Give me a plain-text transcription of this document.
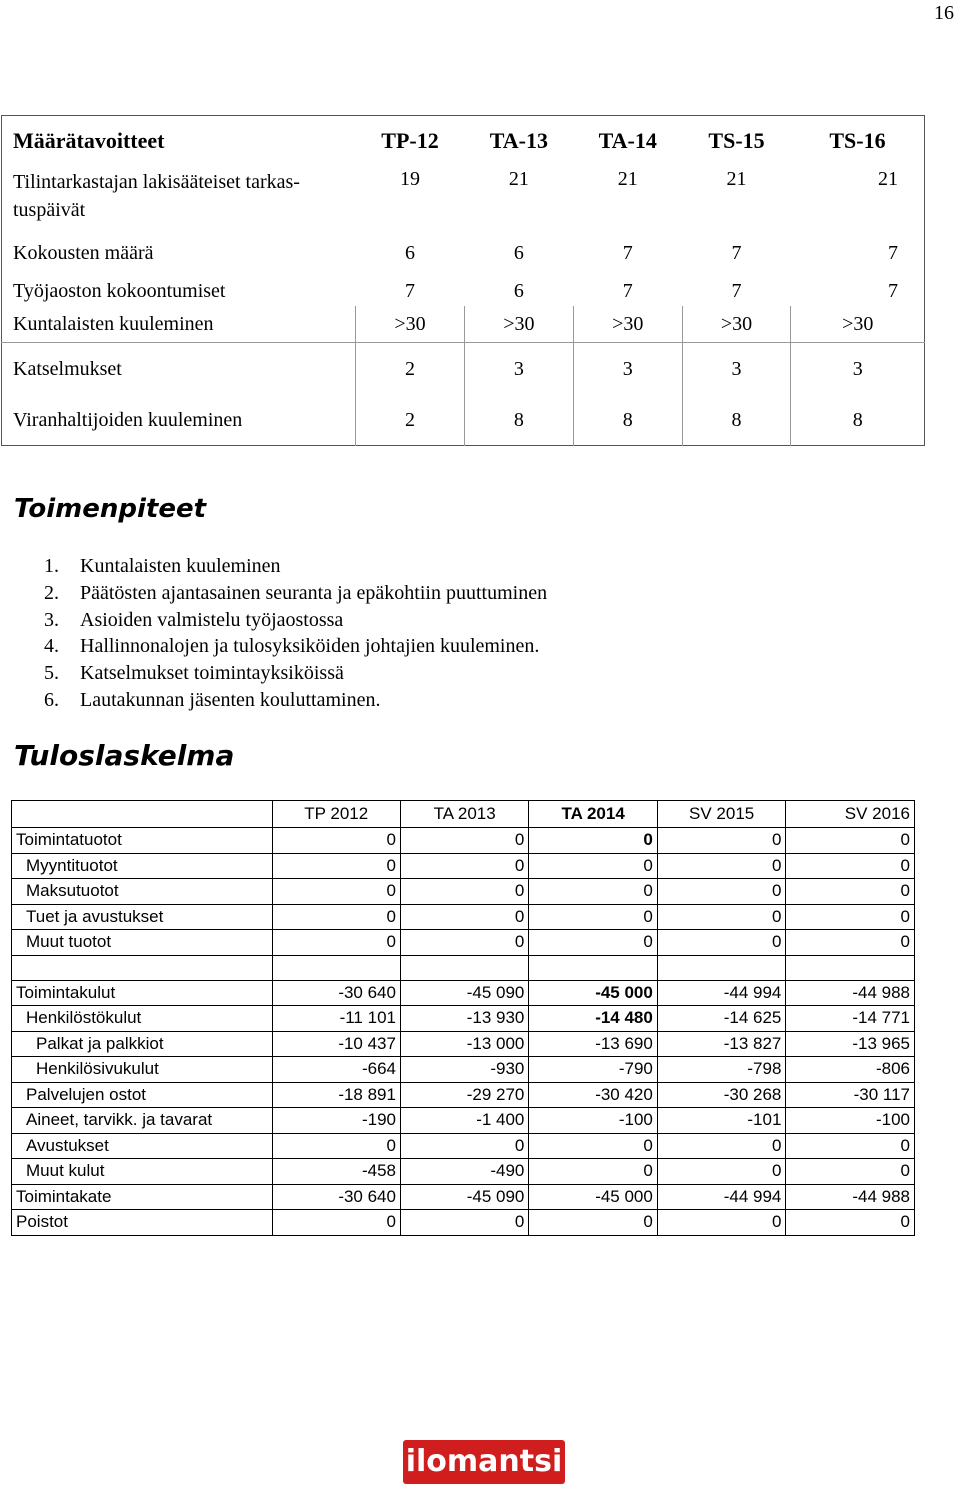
16
Määrätavoitteet	TP-12	TA-13	TA-14	TS-15	TS-16
Tilintarkastajan lakisääteiset tarkas-
tuspäivät	19	21	21	21	21
Kokousten määrä	6	6	7	7	7
Työjaoston kokoontumiset	7	6	7	7	7
Kuntalaisten kuuleminen	>30	>30	>30	>30	>30
Katselmukset	2	3	3	3	3
Viranhaltijoiden kuuleminen	2	8	8	8	8
Toimenpiteet
1. Kuntalaisten kuuleminen
2. Päätösten ajantasainen seuranta ja epäkohtiin puuttuminen
3. Asioiden valmistelu työjaostossa
4. Hallinnonalojen ja tulosyksiköiden johtajien kuuleminen.
5. Katselmukset toimintayksiköissä
6. Lautakunnan jäsenten kouluttaminen.
Tuloslaskelma
	TP 2012	TA 2013	TA 2014	SV 2015	SV 2016
Toimintatuotot	0	0	0	0	0
Myyntituotot	0	0	0	0	0
Maksutuotot	0	0	0	0	0
Tuet ja avustukset	0	0	0	0	0
Muut tuotot	0	0	0	0	0

Toimintakulut	-30 640	-45 090	-45 000	-44 994	-44 988
Henkilöstökulut	-11 101	-13 930	-14 480	-14 625	-14 771
Palkat ja palkkiot	-10 437	-13 000	-13 690	-13 827	-13 965
Henkilösivukulut	-664	-930	-790	-798	-806
Palvelujen ostot	-18 891	-29 270	-30 420	-30 268	-30 117
Aineet, tarvikk. ja tavarat	-190	-1 400	-100	-101	-100
Avustukset	0	0	0	0	0
Muut kulut	-458	-490	0	0	0
Toimintakate	-30 640	-45 090	-45 000	-44 994	-44 988
Poistot	0	0	0	0	0
ilomantsi
